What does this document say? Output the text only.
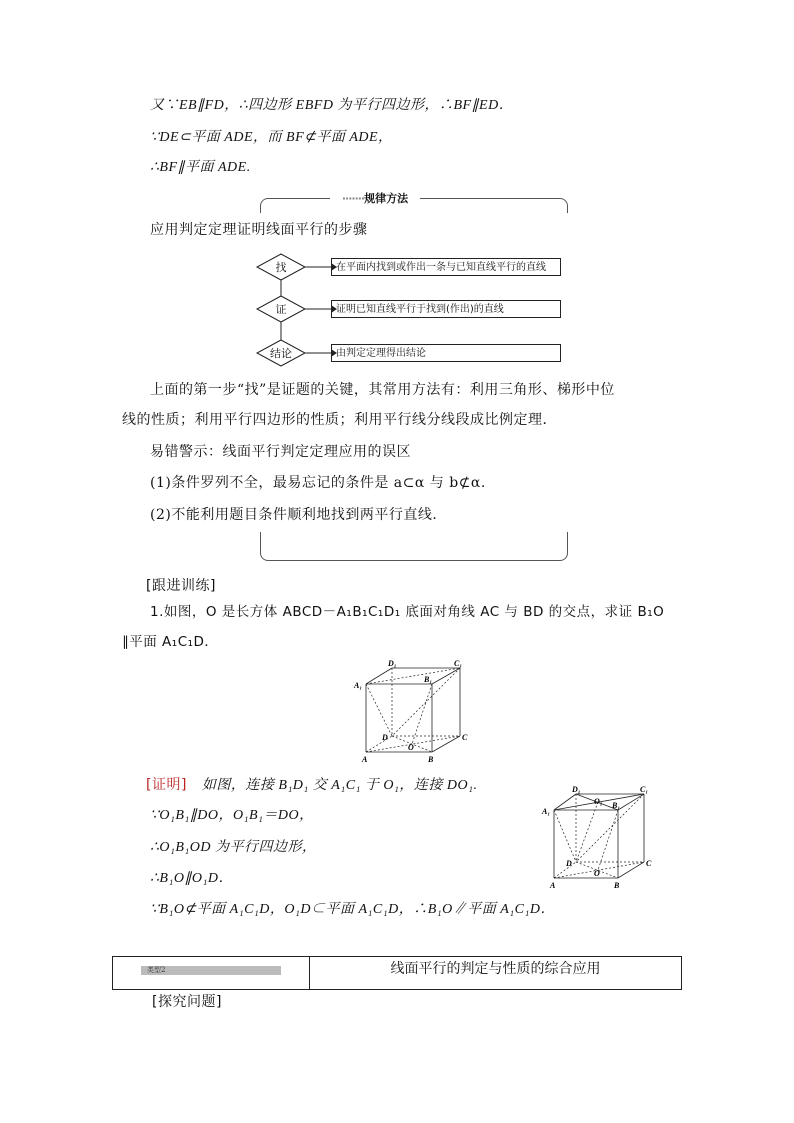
又∵EB∥FD，∴四边形 EBFD 为平行四边形，∴BF∥ED．
∵DE⊂平面 ADE，而 BF⊄平面 ADE，
∴BF∥平面 ADE.
·······规律方法
应用判定定理证明线面平行的步骤
找
证
结论
在平面内找到或作出一条与已知直线平行的直线
证明已知直线平行于找到(作出)的直线
由判定定理得出结论
上面的第一步“找”是证题的关键，其常用方法有：利用三角形、梯形中位
线的性质；利用平行四边形的性质；利用平行线分线段成比例定理．
易错警示：线面平行判定定理应用的误区
(1)条件罗列不全，最易忘记的条件是 a⊂α 与 b⊄α.
(2)不能利用题目条件顺利地找到两平行直线．
[跟进训练]
1.如图，O 是长方体 ABCD－A₁B₁C₁D₁ 底面对角线 AC 与 BD 的交点，求证 B₁O
∥平面 A₁C₁D．
D₁	C₁
A₁
B₁
D
O
C
A	B
[证明] 如图，连接 B₁D₁ 交 A₁C₁ 于 O₁，连接 DO₁.
∵O₁B₁∥DO，O₁B₁＝DO，
∴O₁B₁OD 为平行四边形，
∴B₁O∥O₁D．
∵B₁O⊄平面 A₁C₁D，O₁D⊂平面 A₁C₁D，∴B₁O∥平面 A₁C₁D．
D₁
O₁
C₁
A₁
B₁
D
O
C
A	B
类型2	线面平行的判定与性质的综合应用
[探究问题]
